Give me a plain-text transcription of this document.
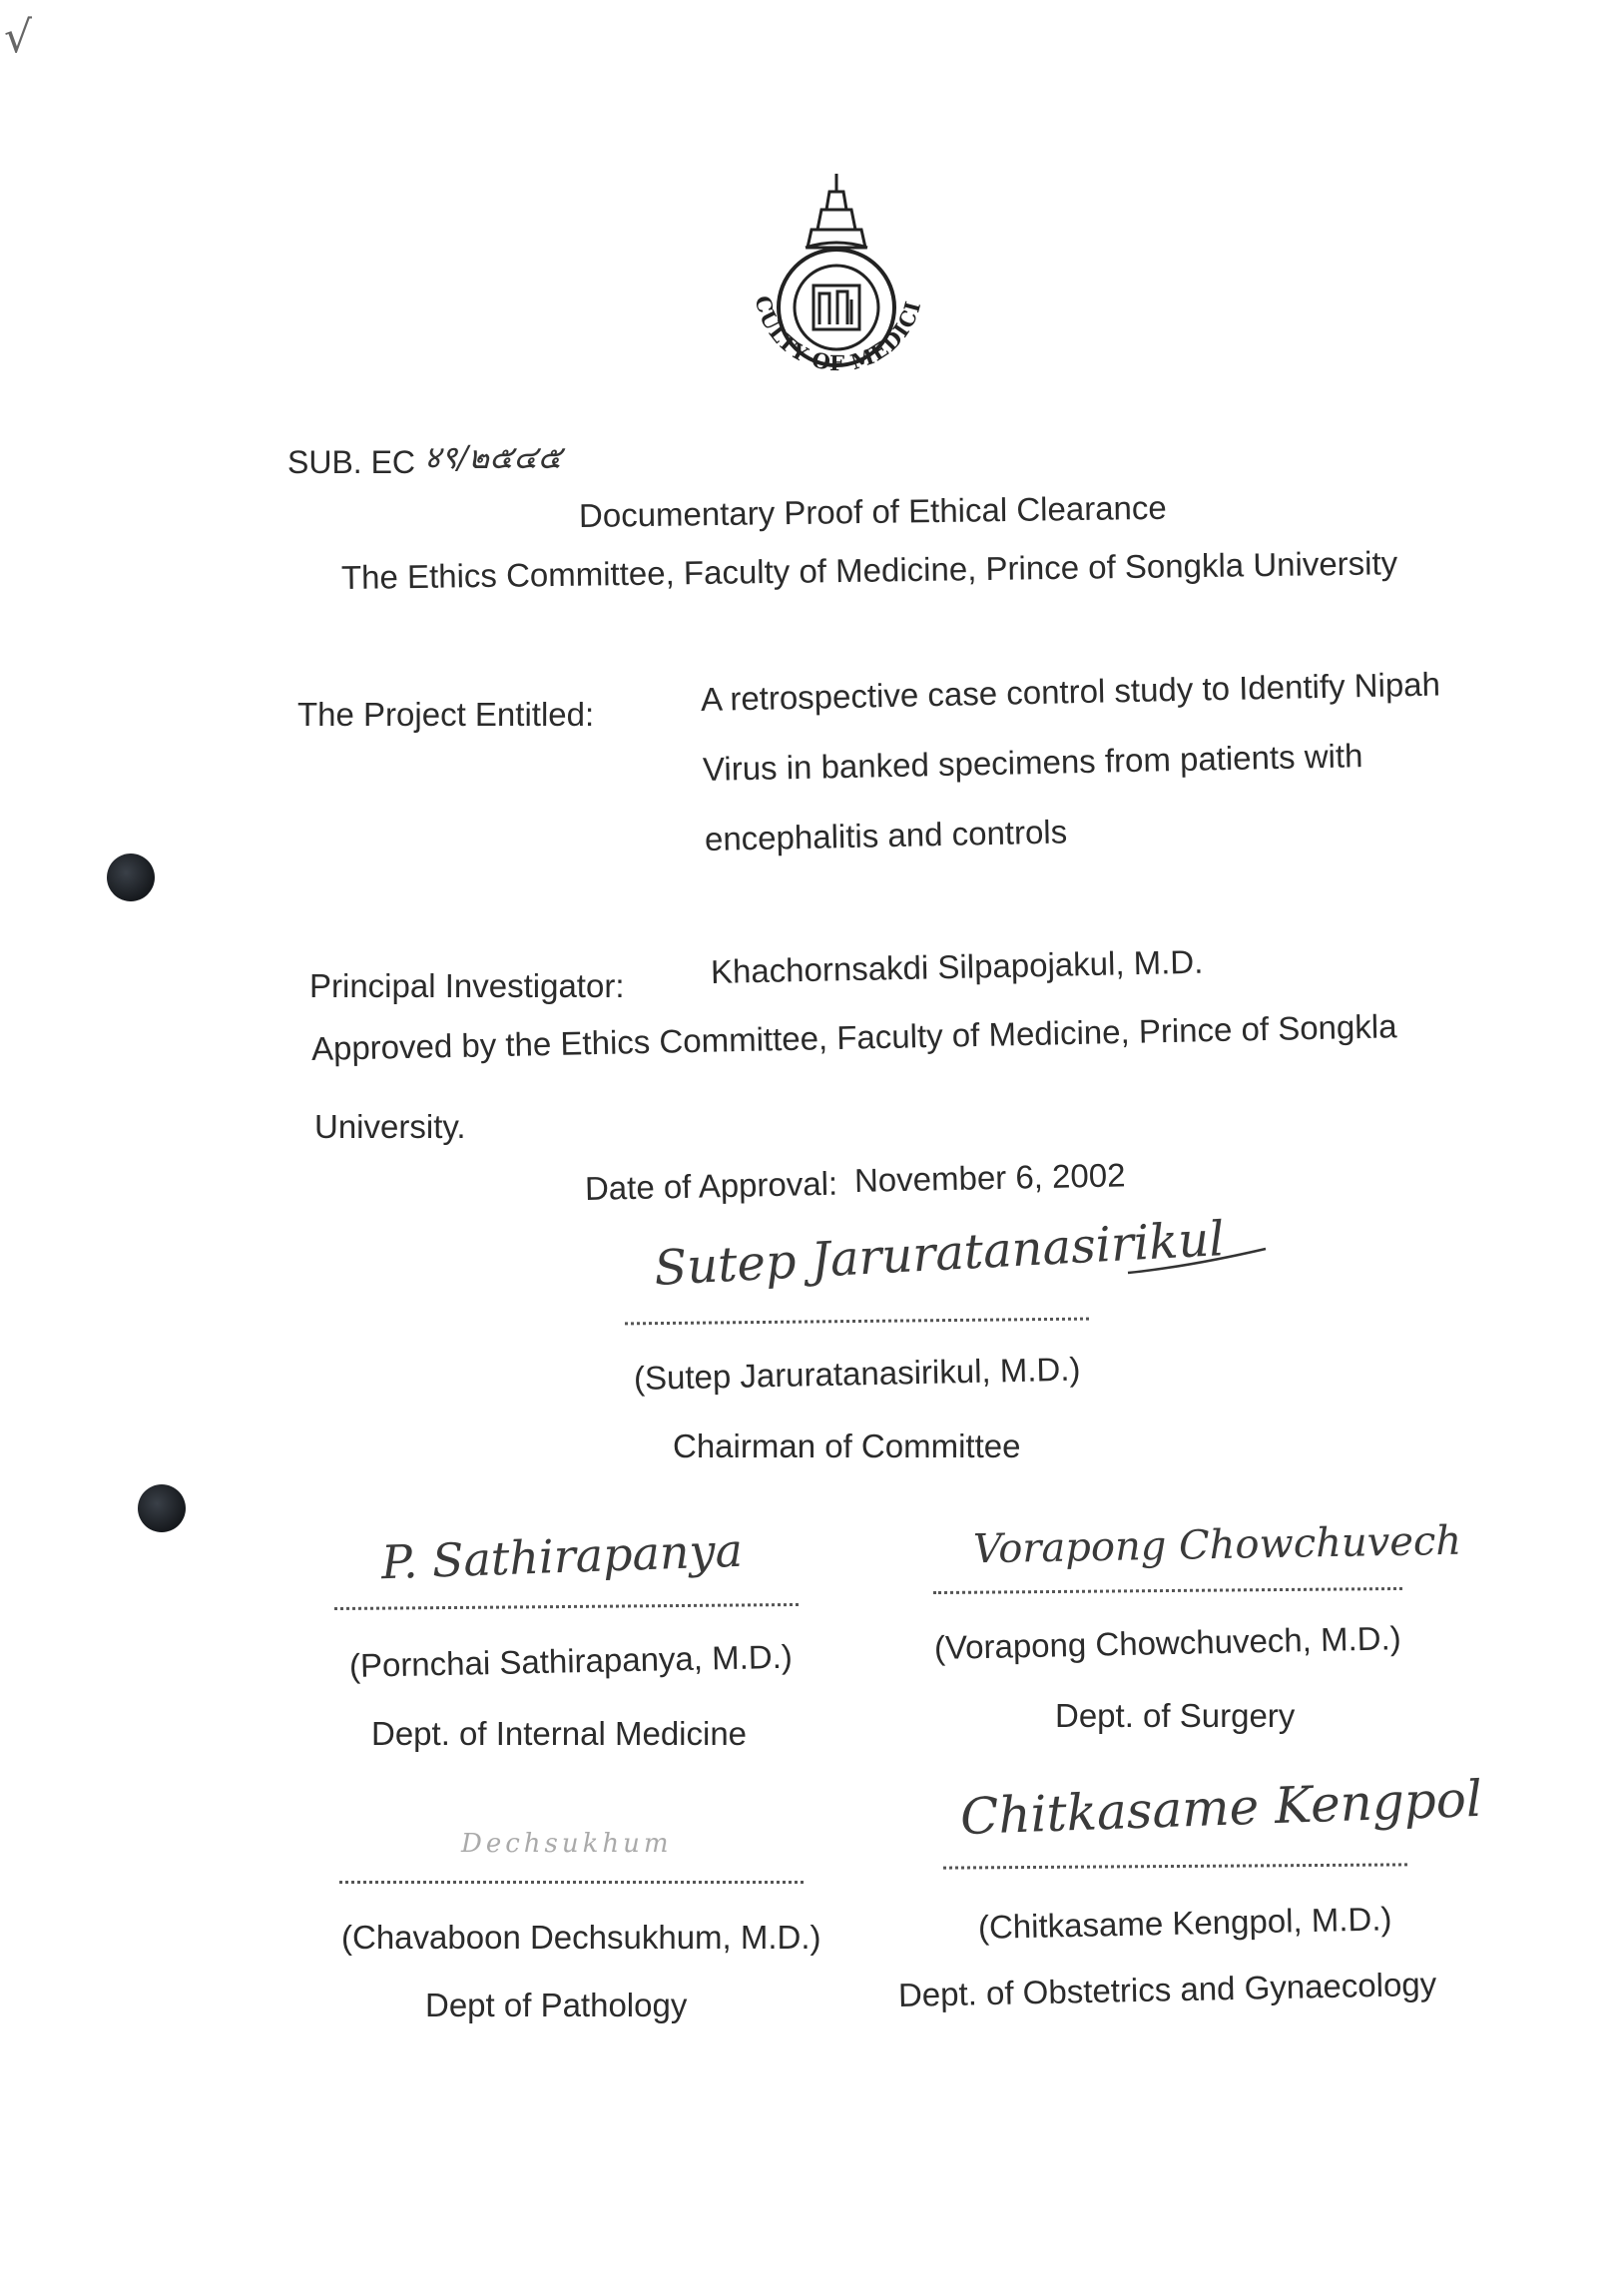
√
FACULTY OF MEDICINE
SUB. EC ४९/๒๕๔๕
Documentary Proof of Ethical Clearance
The Ethics Committee, Faculty of Medicine, Prince of Songkla University
The Project Entitled:	A retrospective case control study to Identify Nipah
Virus in banked specimens from patients with
encephalitis and controls
Principal Investigator:	Khachornsakdi Silpapojakul, M.D.
Approved by the Ethics Committee, Faculty of Medicine, Prince of Songkla
University.
Date of Approval: November 6, 2002
Sutep Jaruratanasirikul
(Sutep Jaruratanasirikul, M.D.)
Chairman of Committee
P. Sathirapanya
(Pornchai Sathirapanya, M.D.)
Dept. of Internal Medicine
Vorapong Chowchuvech
(Vorapong Chowchuvech, M.D.)
Dept. of Surgery
Dechsukhum
(Chavaboon Dechsukhum, M.D.)
Dept of Pathology
Chitkasame Kengpol
(Chitkasame Kengpol, M.D.)
Dept. of Obstetrics and Gynaecology
